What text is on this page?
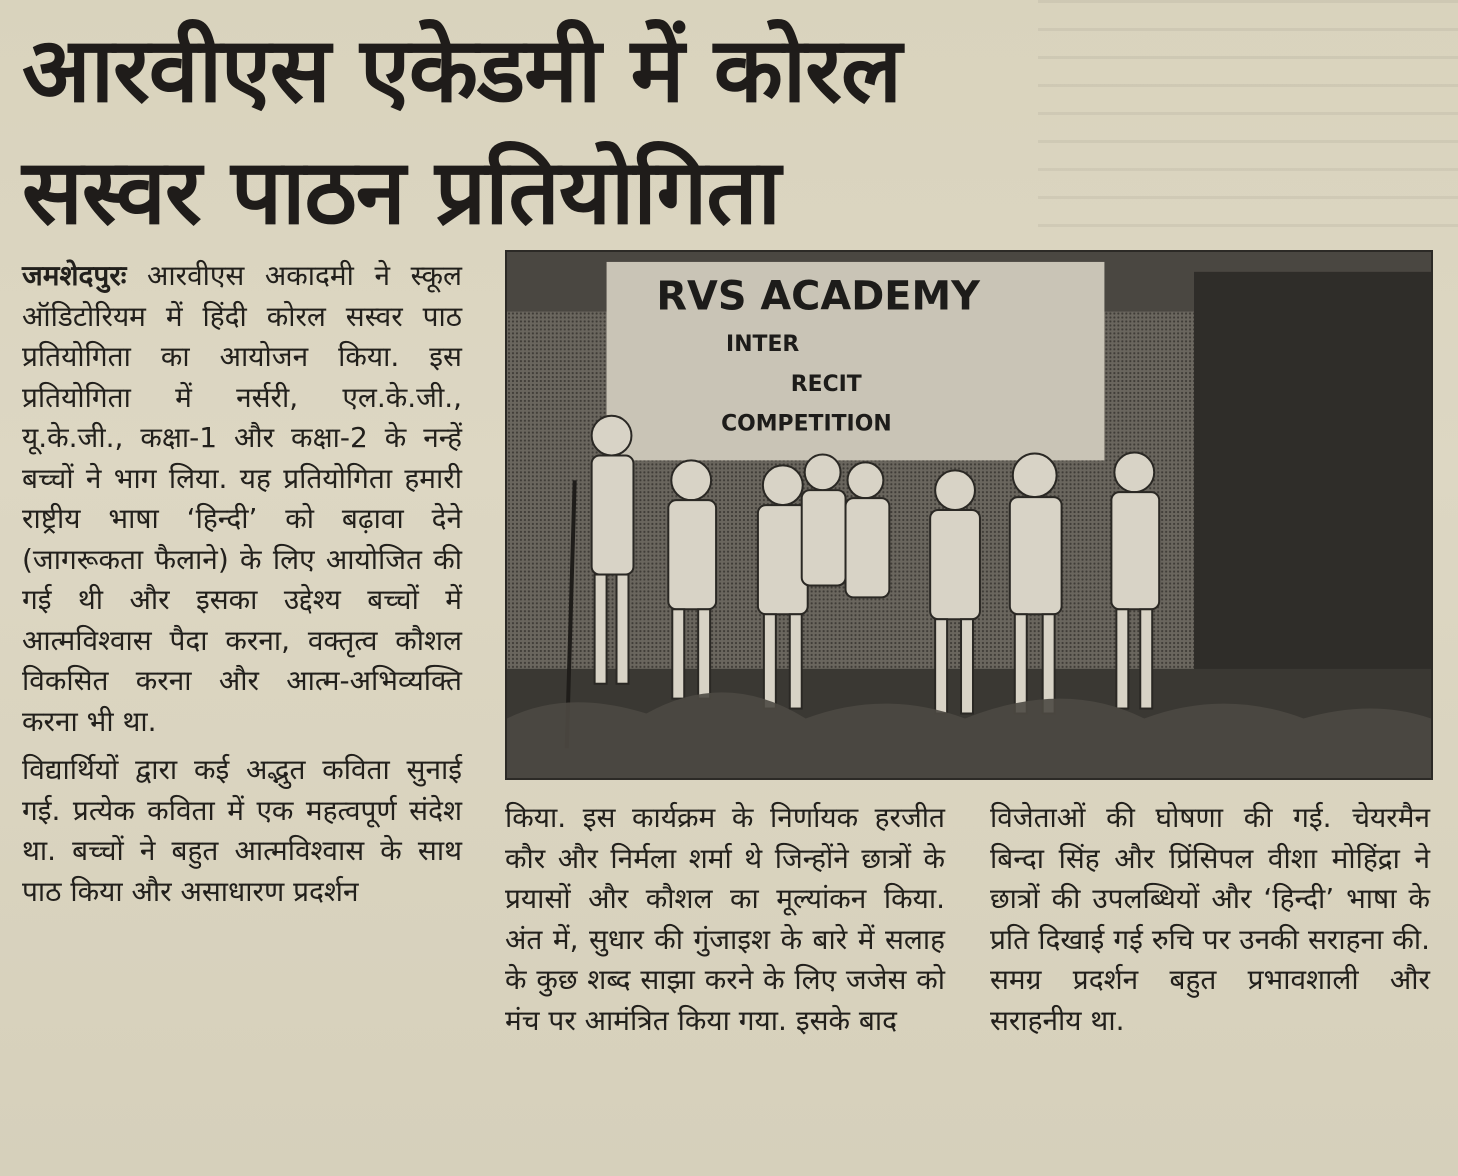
आरवीएस एकेडमी में कोरल
सस्वर पाठन प्रतियोगिता

जमशेदपुरः आरवीएस अकादमी ने स्कूल ऑडिटोरियम में हिंदी कोरल सस्वर पाठ प्रतियोगिता का आयोजन किया. इस प्रतियोगिता में नर्सरी, एल.के.जी., यू.के.जी., कक्षा-1 और कक्षा-2 के नन्हें बच्चों ने भाग लिया. यह प्रतियोगिता हमारी राष्ट्रीय भाषा ‘हिन्दी’ को बढ़ावा देने (जागरूकता फैलाने) के लिए आयोजित की गई थी और इसका उद्देश्य बच्चों में आत्मविश्वास पैदा करना, वक्तृत्व कौशल विकसित करना और आत्म-अभिव्यक्ति करना भी था.

विद्यार्थियों द्वारा कई अद्भुत कविता सुनाई गई. प्रत्येक कविता में एक महत्वपूर्ण संदेश था. बच्चों ने बहुत आत्मविश्वास के साथ पाठ किया और असाधारण प्रदर्शन

RVS ACADEMY
INTER
RECIT
COMPETITION

किया. इस कार्यक्रम के निर्णायक हरजीत कौर और निर्मला शर्मा थे जिन्होंने छात्रों के प्रयासों और कौशल का मूल्यांकन किया. अंत में, सुधार की गुंजाइश के बारे में सलाह के कुछ शब्द साझा करने के लिए जजेस को मंच पर आमंत्रित किया गया. इसके बाद

विजेताओं की घोषणा की गई. चेयरमैन बिन्दा सिंह और प्रिंसिपल वीशा मोहिंद्रा ने छात्रों की उपलब्धियों और ‘हिन्दी’ भाषा के प्रति दिखाई गई रुचि पर उनकी सराहना की. समग्र प्रदर्शन बहुत प्रभावशाली और सराहनीय था.
